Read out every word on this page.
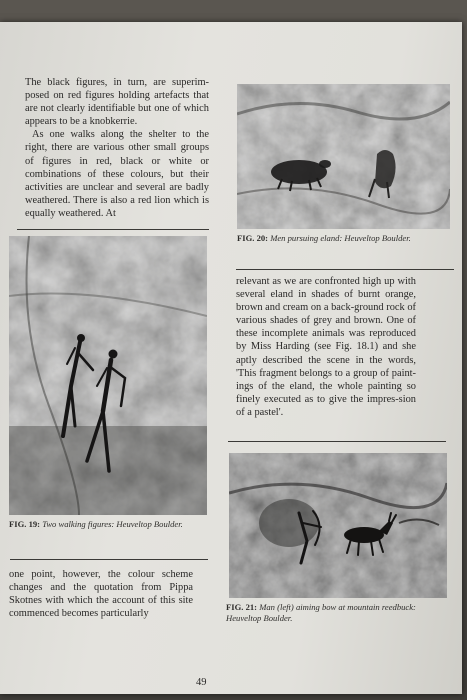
The black figures, in turn, are superim-posed on red figures holding artefacts that are not clearly identifiable but one of which appears to be a knobkerrie.

As one walks along the shelter to the right, there are various other small groups of figures in red, black or white or combinations of these colours, but their activities are unclear and several are badly weathered. There is also a red lion which is equally weathered. At

FIG. 20: Men pursuing eland: Heuveltop Boulder.
FIG. 19: Two walking figures: Heuveltop Boulder.

relevant as we are confronted high up with several eland in shades of burnt orange, brown and cream on a back-ground rock of various shades of grey and brown. One of these incomplete animals was reproduced by Miss Harding (see Fig. 18.1) and she aptly described the scene in the words, 'This fragment belongs to a group of paint-ings of the eland, the whole painting so finely executed as to give the impres-sion of a pastel'.

FIG. 21: Man (left) aiming bow at mountain reedbuck: Heuveltop Boulder.

one point, however, the colour scheme changes and the quotation from Pippa Skotnes with which the account of this site commenced becomes particularly

49
